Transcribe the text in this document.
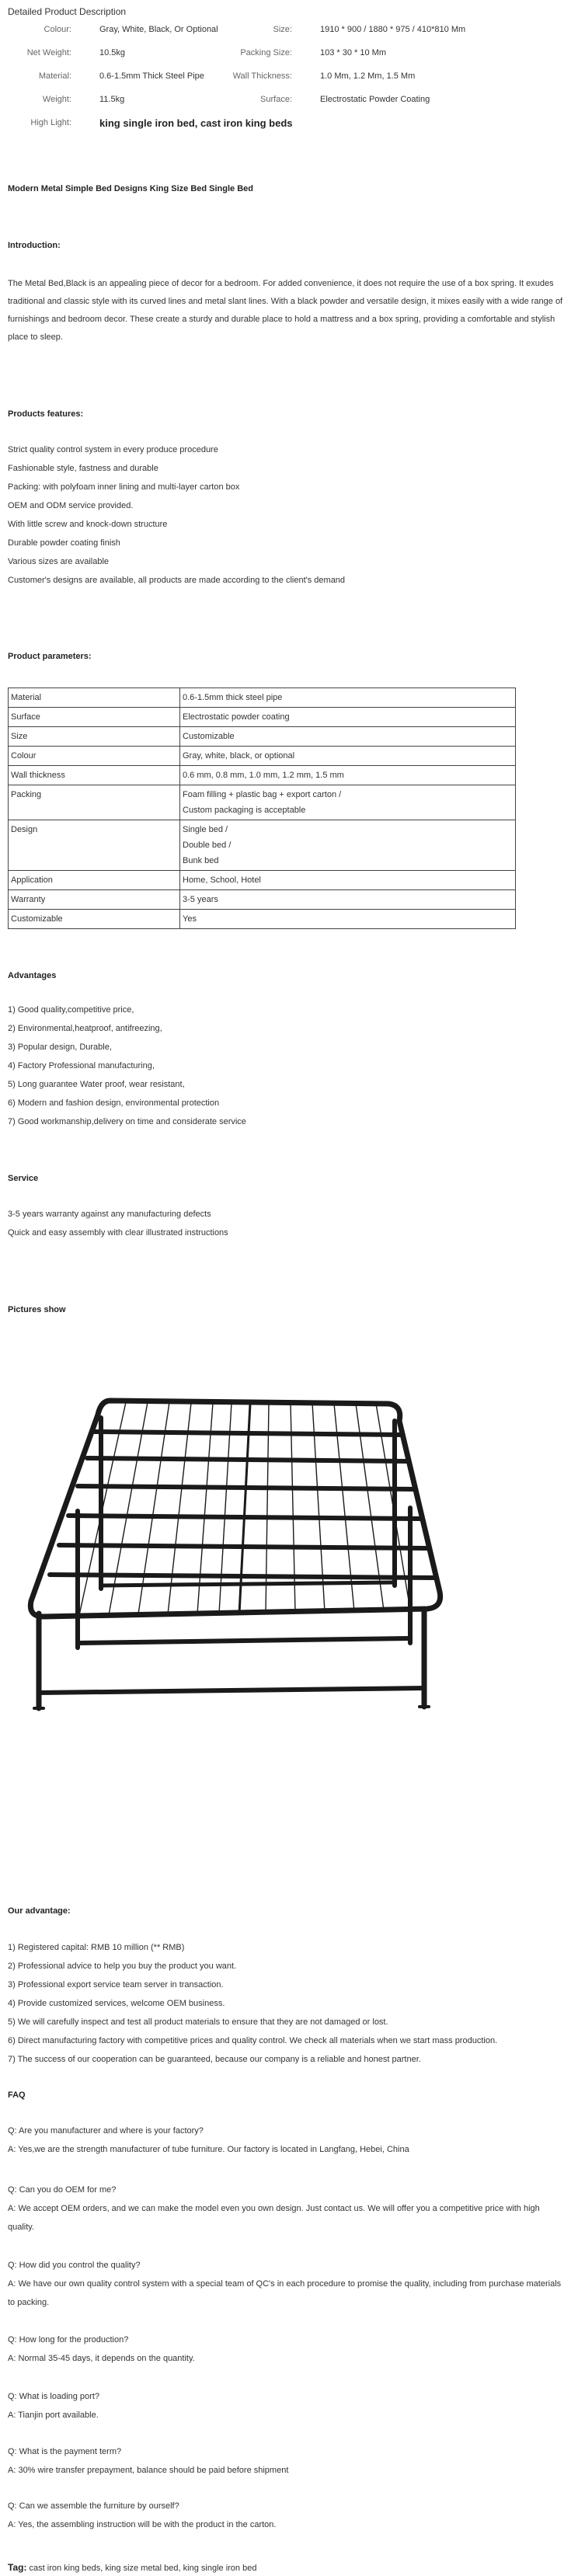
Detailed Product Description
Colour:	Gray, White, Black, Or Optional	Size:	1910 * 900 / 1880 * 975 / 410*810 Mm
Net Weight:	10.5kg	Packing Size:	103 * 30 * 10 Mm
Material:	0.6-1.5mm Thick Steel Pipe	Wall Thickness:	1.0 Mm, 1.2 Mm, 1.5 Mm
Weight:	11.5kg	Surface:	Electrostatic Powder Coating
High Light:	king single iron bed, cast iron king beds
Modern Metal Simple Bed Designs King Size Bed Single Bed
Introduction:

The Metal Bed,Black is an appealing piece of decor for a bedroom. For added convenience, it does not require the use of a box spring. It exudes traditional and classic style with its curved lines and metal slant lines. With a black powder and versatile design, it mixes easily with a wide range of furnishings and bedroom decor. These create a sturdy and durable place to hold a mattress and a box spring, providing a comfortable and stylish place to sleep.

Products features:
Strict quality control system in every produce procedure
Fashionable style, fastness and durable
Packing: with polyfoam inner lining and multi-layer carton box
OEM and ODM service provided.
With little screw and knock-down structure
Durable powder coating finish
Various sizes are available
Customer's designs are available, all products are made according to the client's demand
Product parameters:
Material	0.6-1.5mm thick steel pipe

Surface	Electrostatic powder coating

Size	Customizable

Colour	Gray, white, black, or optional

Wall thickness	0.6 mm, 0.8 mm, 1.0 mm, 1.2 mm, 1.5 mm

Packing	Foam filling + plastic bag + export carton /
Custom packaging is acceptable

Design	Single bed /
Double bed /
Bunk bed

Application	Home, School, Hotel

Warranty	3-5 years

Customizable	Yes
Advantages
1) Good quality,competitive price,
2) Environmental,heatproof, antifreezing,
3) Popular design, Durable,
4) Factory Professional manufacturing,
5) Long guarantee Water proof, wear resistant,
6) Modern and fashion design, environmental protection
7) Good workmanship,delivery on time and considerate service
Service
3-5 years warranty against any manufacturing defects
Quick and easy assembly with clear illustrated instructions
Pictures show
Our advantage:
1) Registered capital: RMB 10 million (** RMB)
2) Professional advice to help you buy the product you want.
3) Professional export service team server in transaction.
4) Provide customized services, welcome OEM business.
5) We will carefully inspect and test all product materials to ensure that they are not damaged or lost.
6) Direct manufacturing factory with competitive prices and quality control. We check all materials when we start mass production.
7) The success of our cooperation can be guaranteed, because our company is a reliable and honest partner.
FAQ
Q: Are you manufacturer and where is your factory?
A: Yes,we are the strength manufacturer of tube furniture. Our factory is located in Langfang, Hebei, China
Q: Can you do OEM for me?
A: We accept OEM orders, and we can make the model even you own design. Just contact us. We will offer you a competitive price with high quality.
Q: How did you control the quality?
A: We have our own quality control system with a special team of QC's in each procedure to promise the quality, including from purchase materials to packing.
Q: How long for the production?
A: Normal 35-45 days, it depends on the quantity.
Q: What is loading port?
A: Tianjin port available.
Q: What is the payment term?
A: 30% wire transfer prepayment, balance should be paid before shipment
Q: Can we assemble the furniture by ourself?
A: Yes, the assembling instruction will be with the product in the carton.
Tag: cast iron king beds, king size metal bed, king single iron bed
